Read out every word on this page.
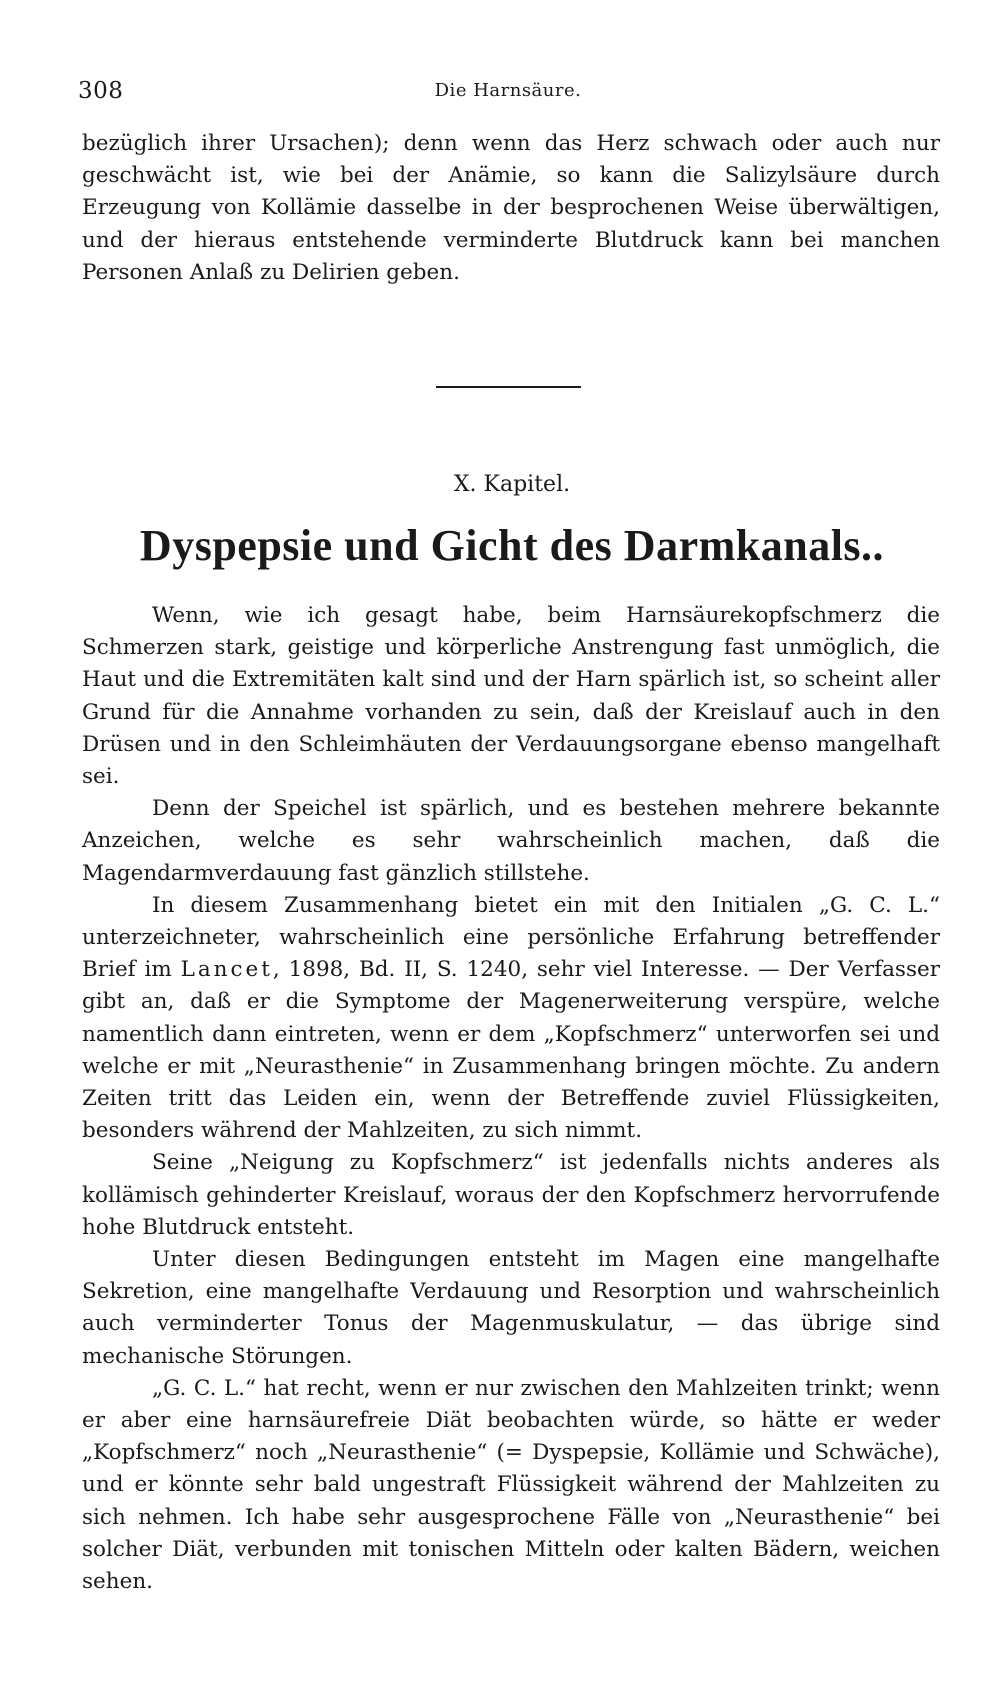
308	Die Harnsäure.

bezüglich ihrer Ursachen); denn wenn das Herz schwach oder auch nur geschwächt ist, wie bei der Anämie, so kann die Salizylsäure durch Erzeugung von Kollämie dasselbe in der besprochenen Weise überwältigen, und der hieraus entstehende verminderte Blutdruck kann bei manchen Personen Anlaß zu Delirien geben.

X. Kapitel.
Dyspepsie und Gicht des Darmkanals..

Wenn, wie ich gesagt habe, beim Harnsäurekopfschmerz die Schmerzen stark, geistige und körperliche Anstrengung fast unmöglich, die Haut und die Extremitäten kalt sind und der Harn spärlich ist, so scheint aller Grund für die Annahme vorhanden zu sein, daß der Kreislauf auch in den Drüsen und in den Schleimhäuten der Verdauungsorgane ebenso mangelhaft sei.

Denn der Speichel ist spärlich, und es bestehen mehrere bekannte Anzeichen, welche es sehr wahrscheinlich machen, daß die Magendarmverdauung fast gänzlich stillstehe.

In diesem Zusammenhang bietet ein mit den Initialen „G. C. L.“ unterzeichneter, wahrscheinlich eine persönliche Erfahrung betreffender Brief im Lancet, 1898, Bd. II, S. 1240, sehr viel Interesse. — Der Verfasser gibt an, daß er die Symptome der Magenerweiterung verspüre, welche namentlich dann eintreten, wenn er dem „Kopfschmerz“ unterworfen sei und welche er mit „Neurasthenie“ in Zusammenhang bringen möchte. Zu andern Zeiten tritt das Leiden ein, wenn der Betreffende zuviel Flüssigkeiten, besonders während der Mahlzeiten, zu sich nimmt.

Seine „Neigung zu Kopfschmerz“ ist jedenfalls nichts anderes als kollämisch gehinderter Kreislauf, woraus der den Kopfschmerz hervorrufende hohe Blutdruck entsteht.

Unter diesen Bedingungen entsteht im Magen eine mangelhafte Sekretion, eine mangelhafte Verdauung und Resorption und wahrscheinlich auch verminderter Tonus der Magenmuskulatur, — das übrige sind mechanische Störungen.

„G. C. L.“ hat recht, wenn er nur zwischen den Mahlzeiten trinkt; wenn er aber eine harnsäurefreie Diät beobachten würde, so hätte er weder „Kopfschmerz“ noch „Neurasthenie“ (= Dyspepsie, Kollämie und Schwäche), und er könnte sehr bald ungestraft Flüssigkeit während der Mahlzeiten zu sich nehmen. Ich habe sehr ausgesprochene Fälle von „Neurasthenie“ bei solcher Diät, verbunden mit tonischen Mitteln oder kalten Bädern, weichen sehen.
